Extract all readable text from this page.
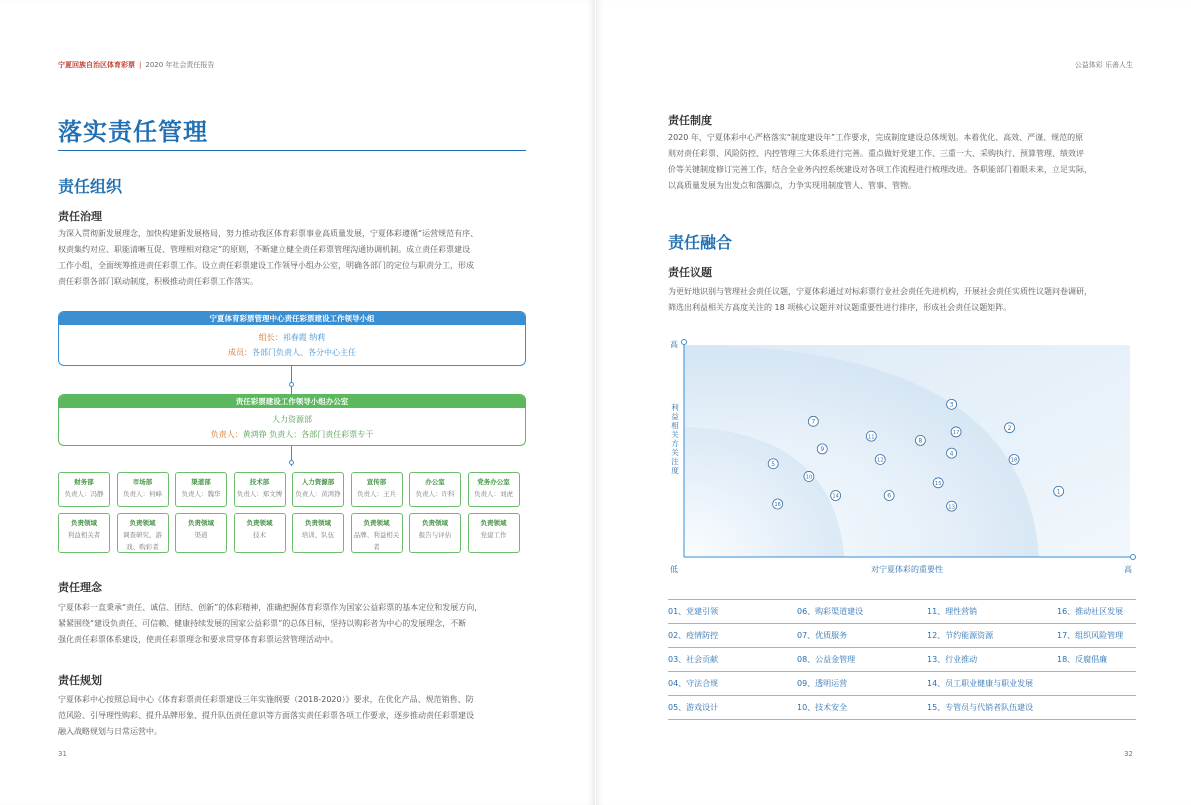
宁夏回族自治区体育彩票 | 2020 年社会责任报告
落实责任管理
责任组织
责任治理
为深入贯彻新发展理念，加快构建新发展格局，努力推动我区体育彩票事业高质量发展，宁夏体彩遵循“运营规范有序、
权责集约对应、职能清晰互促、管理相对稳定”的原则，不断建立健全责任彩票管理沟通协调机制。成立责任彩票建设
工作小组，全面统筹推进责任彩票工作。设立责任彩票建设工作领导小组办公室，明确各部门的定位与职责分工，形成
责任彩票各部门联动制度，积极推动责任彩票工作落实。
宁夏体育彩票管理中心责任彩票建设工作领导小组
组长：祁春霞 纳莉
成员：各部门负责人、各分中心主任
责任彩票建设工作领导小组办公室
人力资源部
负责人：黄鸿铮 负责人：各部门责任彩票专干
责任理念
宁夏体彩一直秉承“责任、诚信、团结、创新”的体彩精神，准确把握体育彩票作为国家公益彩票的基本定位和发展方向，
紧紧围绕“建设负责任、可信赖、健康持续发展的国家公益彩票”的总体目标，坚持以购彩者为中心的发展理念，不断
强化责任彩票体系建设，使责任彩票理念和要求贯穿体育彩票运营管理活动中。
责任规划
宁夏体彩中心按照总局中心《体育彩票责任彩票建设三年实施纲要（2018-2020）》要求，在优化产品、规范销售、防
范风险、引导理性购彩、提升品牌形象、提升队伍责任意识等方面落实责任彩票各项工作要求，逐步推动责任彩票建设
融入战略规划与日常运营中。
31
财务部
负责人：冯静
市场部
负责人：何峰
渠道部
负责人：魏华
技术部
负责人：郑文博
人力资源部
负责人：黄鸿铮
宣传部
负责人：王兵
办公室
负责人：许科
党务办公室
负责人：刘虎
负责领域
利益相关者
负责领域
调查研究、游戏、购彩者
负责领域
渠道
负责领域
技术
负责领域
培训、队伍
负责领域
品牌、利益相关者
负责领域
报告与评估
负责领域
党建工作
公益体彩 乐善人生
责任制度
2020 年，宁夏体彩中心严格落实“制度建设年”工作要求，完成制度建设总体规划。本着优化、高效、严谨、规范的原
则对责任彩票、风险防控、内控管理三大体系进行完善。重点做好党建工作、三重一大、采购执行、预算管理、绩效评
价等关键制度修订完善工作，结合全业务内控系统建设对各项工作流程进行梳理改进。各职能部门着眼未来，立足实际，
以高质量发展为出发点和落脚点，力争实现用制度管人、管事、管物。
责任融合
责任议题
为更好地识别与管理社会责任议题，宁夏体彩通过对标彩票行业社会责任先进机构，开展社会责任实质性议题问卷调研，
筛选出利益相关方高度关注的 18 项核心议题并对议题重要性进行排序，形成社会责任议题矩阵。
32
低	高
高
对宁夏体彩的重要性
利
益
相
关
方
关
注
度
1
2
3
4
5
6
7
8
9
10
11
12
13
14
15
16
17
18
01、党建引领	06、购彩渠道建设	11、理性营销	16、推动社区发展
02、疫情防控	07、优质服务	12、节约能源资源	17、组织风险管理
03、社会贡献	08、公益金管理	13、行业推动	18、反腐倡廉
04、守法合规	09、透明运营	14、员工职业健康与职业发展
05、游戏设计	10、技术安全	15、专管员与代销者队伍建设
